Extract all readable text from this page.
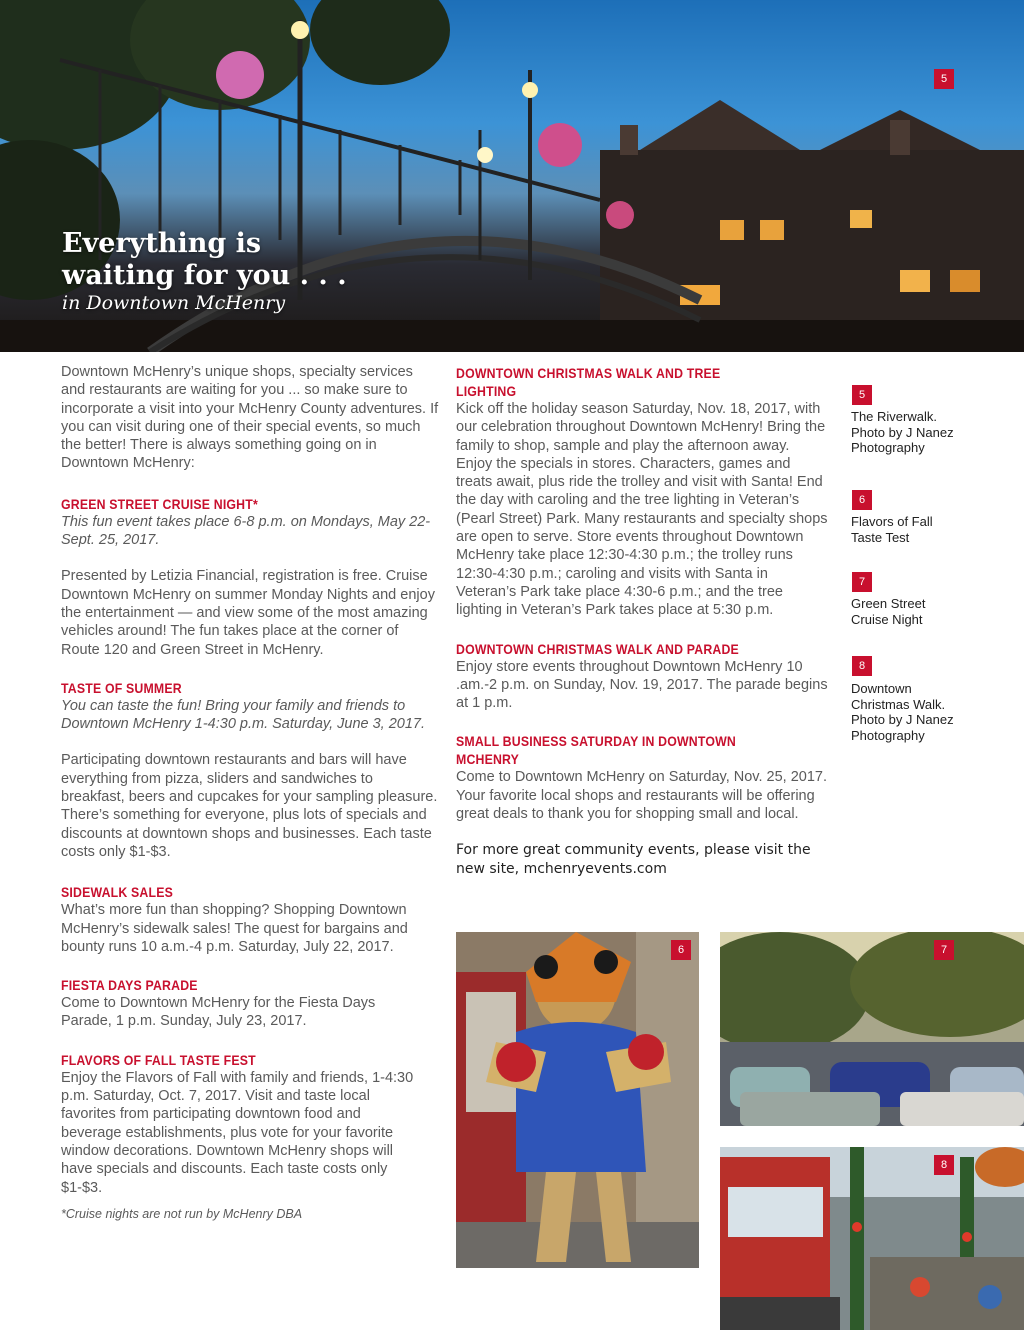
5
Everything is
waiting for you . . .
in Downtown McHenry

Downtown McHenry’s unique shops, specialty services and restaurants are waiting for you ... so make sure to incorporate a visit into your McHenry County adventures. If you can visit during one of their special events, so much the better! There is always something going on in Downtown McHenry:

GREEN STREET CRUISE NIGHT*

This fun event takes place 6-8 p.m. on Mondays, May 22-Sept. 25, 2017.

Presented by Letizia Financial, registration is free. Cruise Downtown McHenry on summer Monday Nights and enjoy the entertainment — and view some of the most amazing vehicles around! The fun takes place at the corner of Route 120 and Green Street in McHenry.

TASTE OF SUMMER

You can taste the fun! Bring your family and friends to Downtown McHenry 1-4:30 p.m. Saturday, June 3, 2017.

Participating downtown restaurants and bars will have everything from pizza, sliders and sandwiches to breakfast, beers and cupcakes for your sampling pleasure. There’s something for everyone, plus lots of specials and discounts at downtown shops and businesses. Each taste costs only $1-$3.

SIDEWALK SALES

What’s more fun than shopping? Shopping Downtown McHenry’s sidewalk sales! The quest for bargains and bounty runs 10 a.m.-4 p.m. Saturday, July 22, 2017.

FIESTA DAYS PARADE

Come to Downtown McHenry for the Fiesta Days Parade, 1 p.m. Sunday, July 23, 2017.

FLAVORS OF FALL TASTE FEST

Enjoy the Flavors of Fall with family and friends, 1-4:30 p.m. Saturday, Oct. 7, 2017. Visit and taste local favorites from participating downtown food and beverage establishments, plus vote for your favorite window decorations. Downtown McHenry shops will have specials and discounts. Each taste costs only $1-$3.

*Cruise nights are not run by McHenry DBA

DOWNTOWN CHRISTMAS WALK AND TREE LIGHTING

Kick off the holiday season Saturday, Nov. 18, 2017, with our celebration throughout Downtown McHenry! Bring the family to shop, sample and play the afternoon away. Enjoy the specials in stores. Characters, games and treats await, plus ride the trolley and visit with Santa! End the day with caroling and the tree lighting in Veteran’s (Pearl Street) Park. Many restaurants and specialty shops are open to serve. Store events throughout Downtown McHenry take place 12:30-4:30 p.m.; the trolley runs 12:30-4:30 p.m.; caroling and visits with Santa in Veteran’s Park take place 4:30-6 p.m.; and the tree lighting in Veteran’s Park takes place at 5:30 p.m.

DOWNTOWN CHRISTMAS WALK AND PARADE

Enjoy store events throughout Downtown McHenry 10 .am.-2 p.m. on Sunday, Nov. 19, 2017. The parade begins at 1 p.m.

SMALL BUSINESS SATURDAY IN DOWNTOWN MCHENRY

Come to Downtown McHenry on Saturday, Nov. 25, 2017. Your favorite local shops and restaurants will be offering great deals to thank you for shopping small and local.

For more great community events, please visit the new site, mchenryevents.com

5
The Riverwalk. Photo by J Nanez Photography
6
Flavors of Fall Taste Test
7
Green Street Cruise Night
8
Downtown Christmas Walk. Photo by J Nanez Photography
6	7
8
